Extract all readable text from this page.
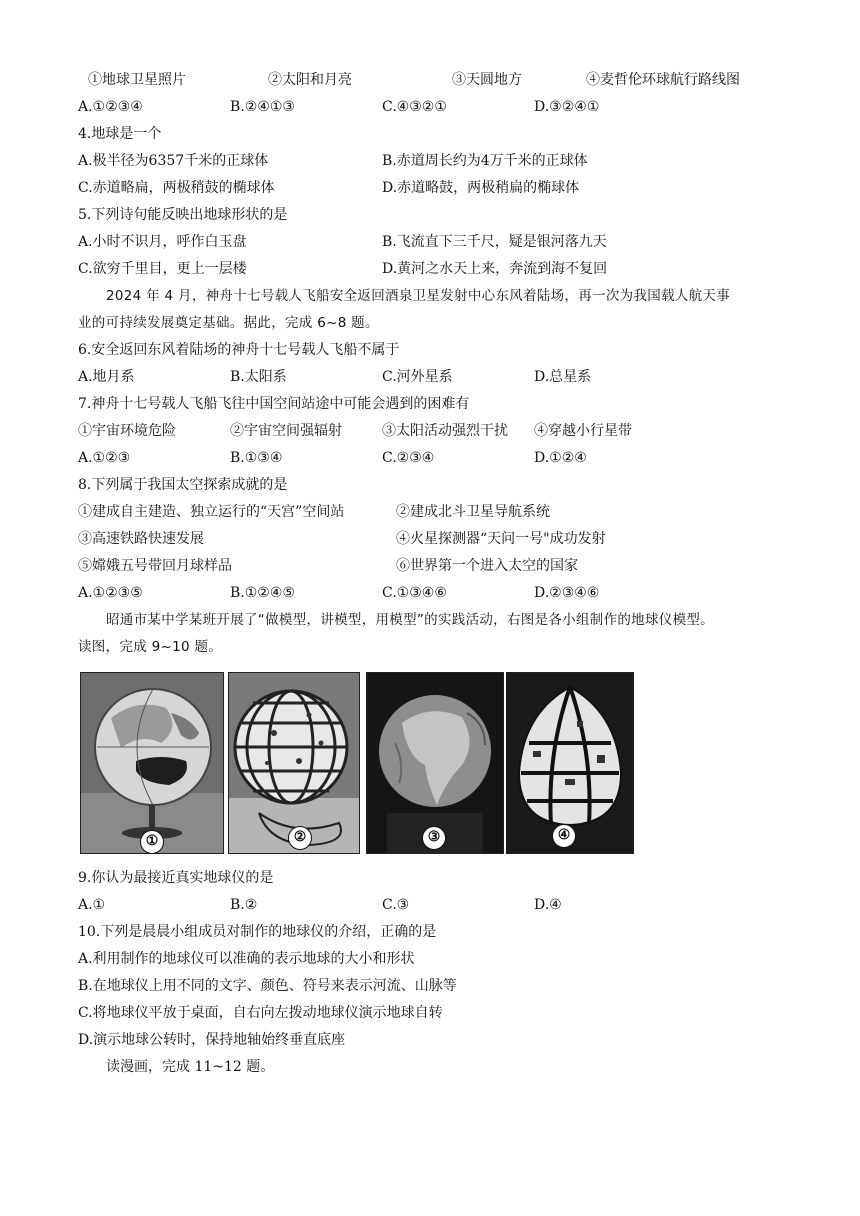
①地球卫星照片	②太阳和月亮	③天圆地方	④麦哲伦环球航行路线图
A.①②③④	B.②④①③	C.④③②①	D.③②④①
4.地球是一个
A.极半径为6357千米的正球体	B.赤道周长约为4万千米的正球体
C.赤道略扁，两极稍鼓的椭球体	D.赤道略鼓，两极稍扁的椭球体
5.下列诗句能反映出地球形状的是
A.小时不识月，呼作白玉盘	B.飞流直下三千尺，疑是银河落九天
C.欲穷千里目，更上一层楼	D.黄河之水天上来，奔流到海不复回
2024 年 4 月，神舟十七号载人飞船安全返回酒泉卫星发射中心东风着陆场，再一次为我国载人航天事
业的可持续发展奠定基础。据此，完成 6~8 题。
6.安全返回东风着陆场的神舟十七号载人飞船不属于
A.地月系	B.太阳系	C.河外星系	D.总星系
7.神舟十七号载人飞船飞往中国空间站途中可能会遇到的困难有
①宇宙环境危险	②宇宙空间强辐射	③太阳活动强烈干扰 ④穿越小行星带
A.①②③	B.①③④	C.②③④	D.①②④
8.下列属于我国太空探索成就的是
①建成自主建造、独立运行的“天宫”空间站	②建成北斗卫星导航系统
③高速铁路快速发展	④火星探测器“天问一号"成功发射
⑤嫦娥五号带回月球样品	⑥世界第一个进入太空的国家
A.①②③⑤	B.①②④⑤	C.①③④⑥	D.②③④⑥
昭通市某中学某班开展了“做模型，讲模型，用模型”的实践活动，右图是各小组制作的地球仪模型。
读图，完成 9~10 题。
①	②	③	④
9.你认为最接近真实地球仪的是
A.①	B.②	C.③	D.④
10.下列是晨晨小组成员对制作的地球仪的介绍，正确的是
A.利用制作的地球仪可以准确的表示地球的大小和形状
B.在地球仪上用不同的文字、颜色、符号来表示河流、山脉等
C.将地球仪平放于桌面，自右向左拨动地球仪演示地球自转
D.演示地球公转时，保持地轴始终垂直底座
读漫画，完成 11~12 题。
